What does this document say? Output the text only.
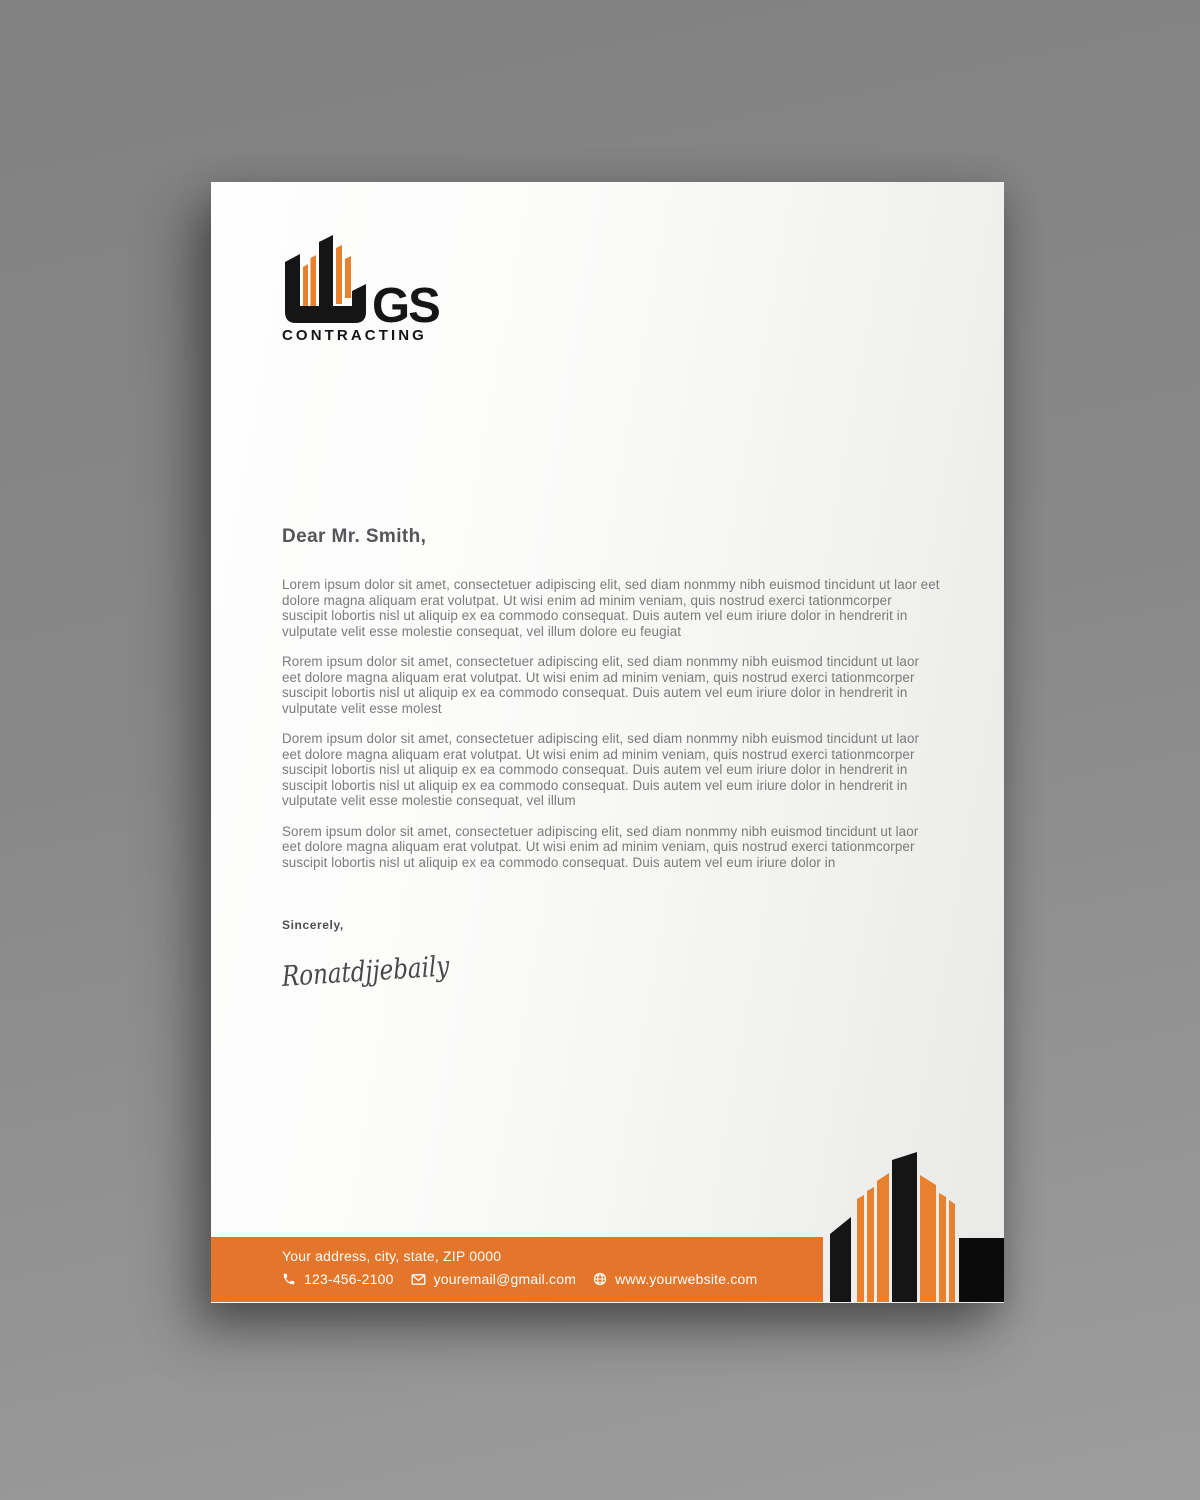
GS
CONTRACTING
Dear Mr. Smith,

Lorem ipsum dolor sit amet, consectetuer adipiscing elit, sed diam nonmmy nibh euismod tincidunt ut laor eet dolore magna aliquam erat volutpat. Ut wisi enim ad minim veniam, quis nostrud exerci tationmcorper suscipit lobortis nisl ut aliquip ex ea commodo consequat. Duis autem vel eum iriure dolor in hendrerit in vulputate velit esse molestie consequat, vel illum dolore eu feugiat

Rorem ipsum dolor sit amet, consectetuer adipiscing elit, sed diam nonmmy nibh euismod tincidunt ut laor eet dolore magna aliquam erat volutpat. Ut wisi enim ad minim veniam, quis nostrud exerci tationmcorper suscipit lobortis nisl ut aliquip ex ea commodo consequat. Duis autem vel eum iriure dolor in hendrerit in vulputate velit esse molest

Dorem ipsum dolor sit amet, consectetuer adipiscing elit, sed diam nonmmy nibh euismod tincidunt ut laor eet dolore magna aliquam erat volutpat. Ut wisi enim ad minim veniam, quis nostrud exerci tationmcorper suscipit lobortis nisl ut aliquip ex ea commodo consequat. Duis autem vel eum iriure dolor in hendrerit in suscipit lobortis nisl ut aliquip ex ea commodo consequat. Duis autem vel eum iriure dolor in hendrerit in vulputate velit esse molestie consequat, vel illum

Sorem ipsum dolor sit amet, consectetuer adipiscing elit, sed diam nonmmy nibh euismod tincidunt ut laor eet dolore magna aliquam erat volutpat. Ut wisi enim ad minim veniam, quis nostrud exerci tationmcorper suscipit lobortis nisl ut aliquip ex ea commodo consequat. Duis autem vel eum iriure dolor in

Sincerely,
Ronatdjjebaily
Your address, city, state, ZIP 0000
123-456-2100	youremail@gmail.com	www.yourwebsite.com
